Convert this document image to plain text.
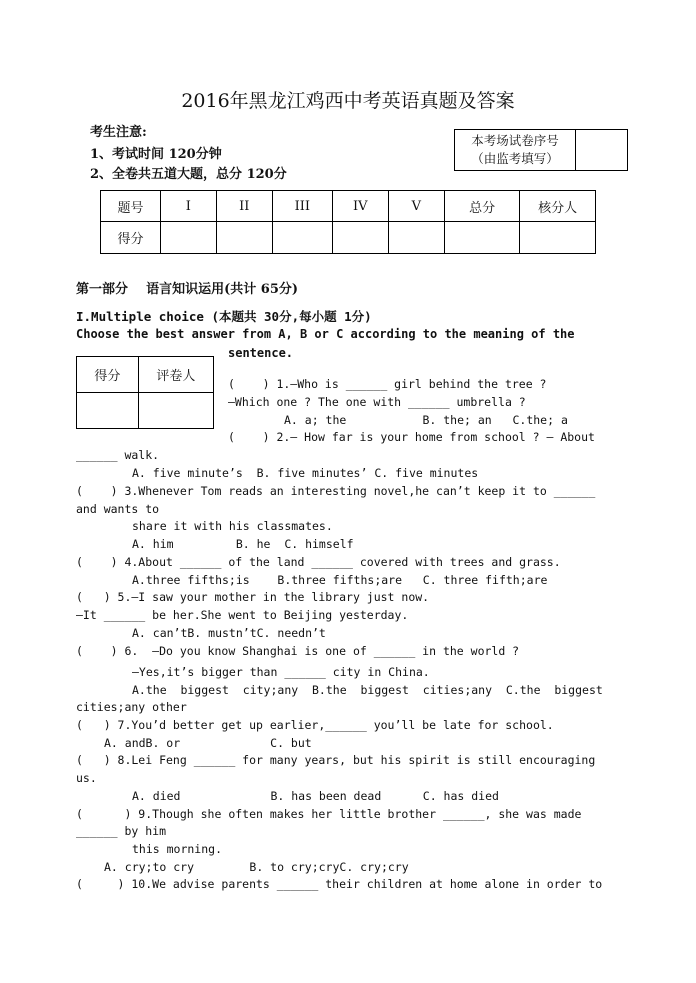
2016年黑龙江鸡西中考英语真题及答案
考生注意:
1、考试时间 120分钟
2、全卷共五道大题，总分 120分
本考场试卷序号
（由监考填写）

题号	I	II	III	IV	V	总分	核分人
得分							
第一部分    语言知识运用(共计 65分)
I.Multiple choice (本题共 30分,每小题 1分)
Choose the best answer from A, B or C according to the meaning of the
sentence.
得分	评卷人
		(    ) 1.—Who is ______ girl behind the tree ?
—Which one ? The one with ______ umbrella ?
A. a; the           B. the; an   C.the; a
(    ) 2.— How far is your home from school ? — About
______ walk.
A. five minute’s  B. five minutes’ C. five minutes
(    ) 3.Whenever Tom reads an interesting novel,he can’t keep it to ______
and wants to
share it with his classmates.
A. him         B. he  C. himself
(    ) 4.About ______ of the land ______ covered with trees and grass.
A.three fifths;is    B.three fifths;are   C. three fifth;are
(   ) 5.—I saw your mother in the library just now.
—It ______ be her.She went to Beijing yesterday.
A. can’tB. mustn’tC. needn’t
(    ) 6.  —Do you know Shanghai is one of ______ in the world ?
—Yes,it’s bigger than ______ city in China.
A.the  biggest  city;any  B.the  biggest  cities;any  C.the  biggest
cities;any other
(   ) 7.You’d better get up earlier,______ you’ll be late for school.
A. andB. or             C. but
(   ) 8.Lei Feng ______ for many years, but his spirit is still encouraging
us.
A. died             B. has been dead      C. has died
(      ) 9.Though she often makes her little brother ______, she was made
______ by him
this morning.
A. cry;to cry        B. to cry;cryC. cry;cry
(     ) 10.We advise parents ______ their children at home alone in order to
